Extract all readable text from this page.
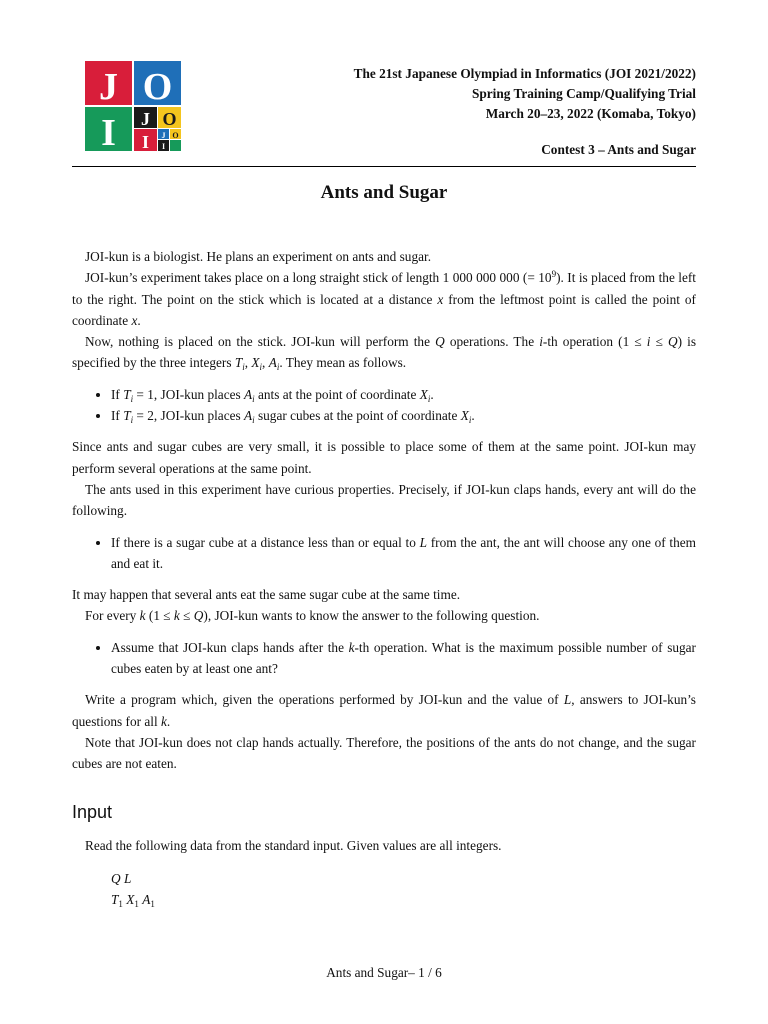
J O
I J O
I J O
I
The 21st Japanese Olympiad in Informatics (JOI 2021/2022)
Spring Training Camp/Qualifying Trial
March 20–23, 2022 (Komaba, Tokyo)
Contest 3 – Ants and Sugar
Ants and Sugar

JOI-kun is a biologist. He plans an experiment on ants and sugar.

JOI-kun’s experiment takes place on a long straight stick of length 1 000 000 000 (= $10^9$). It is placed from the left to the right. The point on the stick which is located at a distance x from the leftmost point is called the point of coordinate x.

Now, nothing is placed on the stick. JOI-kun will perform the Q operations. The i-th operation (1 ≤ i ≤ Q) is specified by the three integers $T_i$, $X_i$, $A_i$. They mean as follows.

• If $T_i = 1$, JOI-kun places $A_i$ ants at the point of coordinate $X_i$.
• If $T_i = 2$, JOI-kun places $A_i$ sugar cubes at the point of coordinate $X_i$.

Since ants and sugar cubes are very small, it is possible to place some of them at the same point. JOI-kun may perform several operations at the same point.

The ants used in this experiment have curious properties. Precisely, if JOI-kun claps hands, every ant will do the following.

• If there is a sugar cube at a distance less than or equal to L from the ant, the ant will choose any one of them and eat it.

It may happen that several ants eat the same sugar cube at the same time.

For every k (1 ≤ k ≤ Q), JOI-kun wants to know the answer to the following question.

• Assume that JOI-kun claps hands after the k-th operation. What is the maximum possible number of sugar cubes eaten by at least one ant?

Write a program which, given the operations performed by JOI-kun and the value of L, answers to JOI-kun’s questions for all k.

Note that JOI-kun does not clap hands actually. Therefore, the positions of the ants do not change, and the sugar cubes are not eaten.

Input

Read the following data from the standard input. Given values are all integers.

Q L
$T_1$ $X_1$ $A_1$
Ants and Sugar– 1 / 6
